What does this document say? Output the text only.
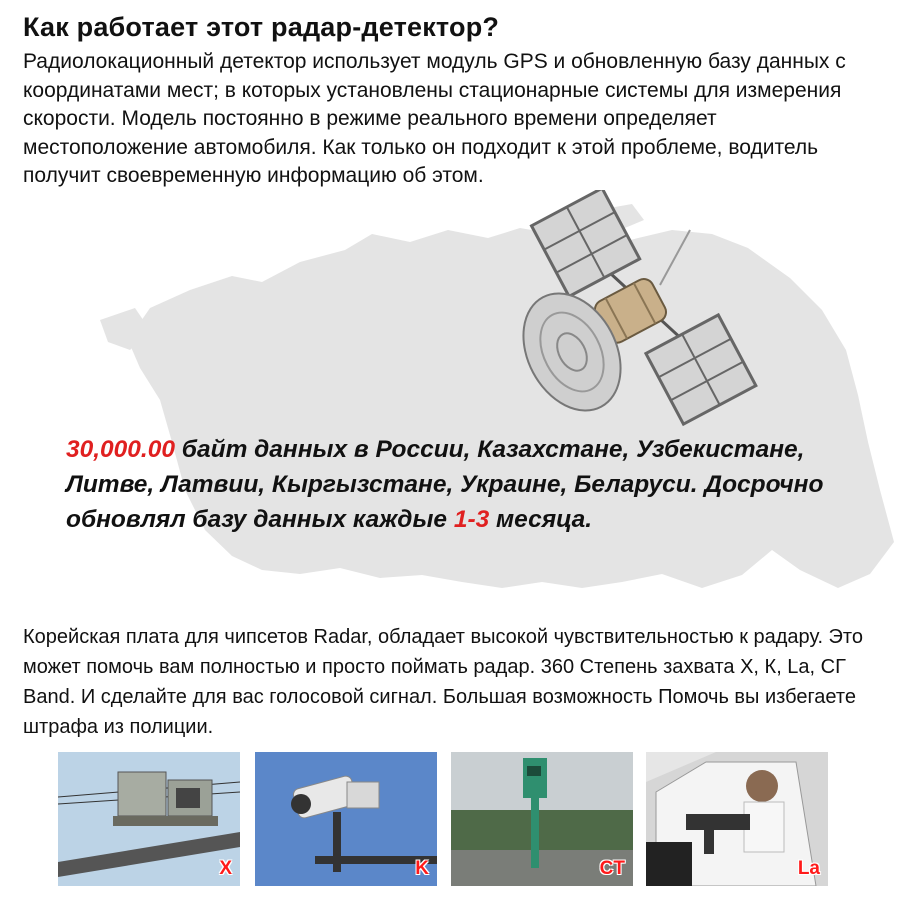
Как работает этот радар-детектор?

Радиолокационный детектор использует модуль GPS и обновленную базу данных с координатами мест; в которых установлены стационарные системы для измерения скорости. Модель постоянно в режиме реального времени определяет местоположение автомобиля. Как только он подходит к этой проблеме, водитель получит своевременную информацию об этом.

30,000.00 байт данных в России, Казахстане, Узбекистане, Литве, Латвии, Кыргызстане, Украине, Беларуси. Досрочно обновлял базу данных каждые 1-3 месяца.

Корейская плата для чипсетов Radar, обладает высокой чувствительностью к радару. Это может помочь вам полностью и просто поймать радар. 360 Степень захвата X, К, La, СГ Band. И сделайте для вас голосовой сигнал. Большая возможность Помочь вы избегаете штрафа из полиции.

X	K	CT	La
